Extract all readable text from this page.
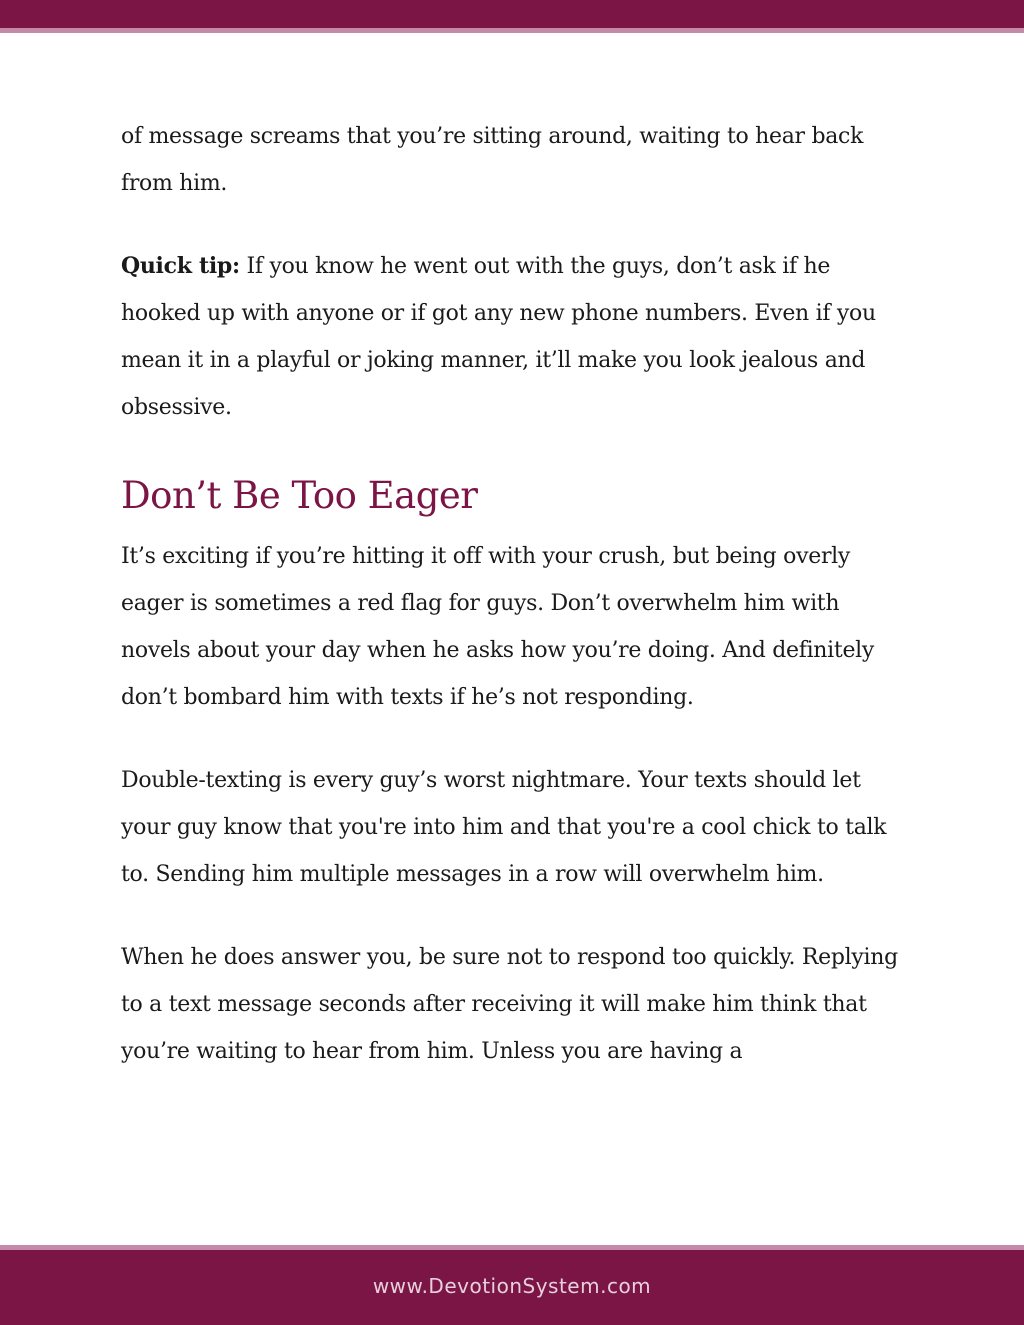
of message screams that you’re sitting around, waiting to hear back from him.

Quick tip: If you know he went out with the guys, don’t ask if he hooked up with anyone or if got any new phone numbers. Even if you mean it in a playful or joking manner, it’ll make you look jealous and obsessive.

Don’t Be Too Eager

It’s exciting if you’re hitting it off with your crush, but being overly eager is sometimes a red flag for guys. Don’t overwhelm him with novels about your day when he asks how you’re doing. And definitely don’t bombard him with texts if he’s not responding.

Double-texting is every guy’s worst nightmare. Your texts should let your guy know that you're into him and that you're a cool chick to talk to. Sending him multiple messages in a row will overwhelm him.

When he does answer you, be sure not to respond too quickly. Replying to a text message seconds after receiving it will make him think that you’re waiting to hear from him. Unless you are having a

www.DevotionSystem.com
